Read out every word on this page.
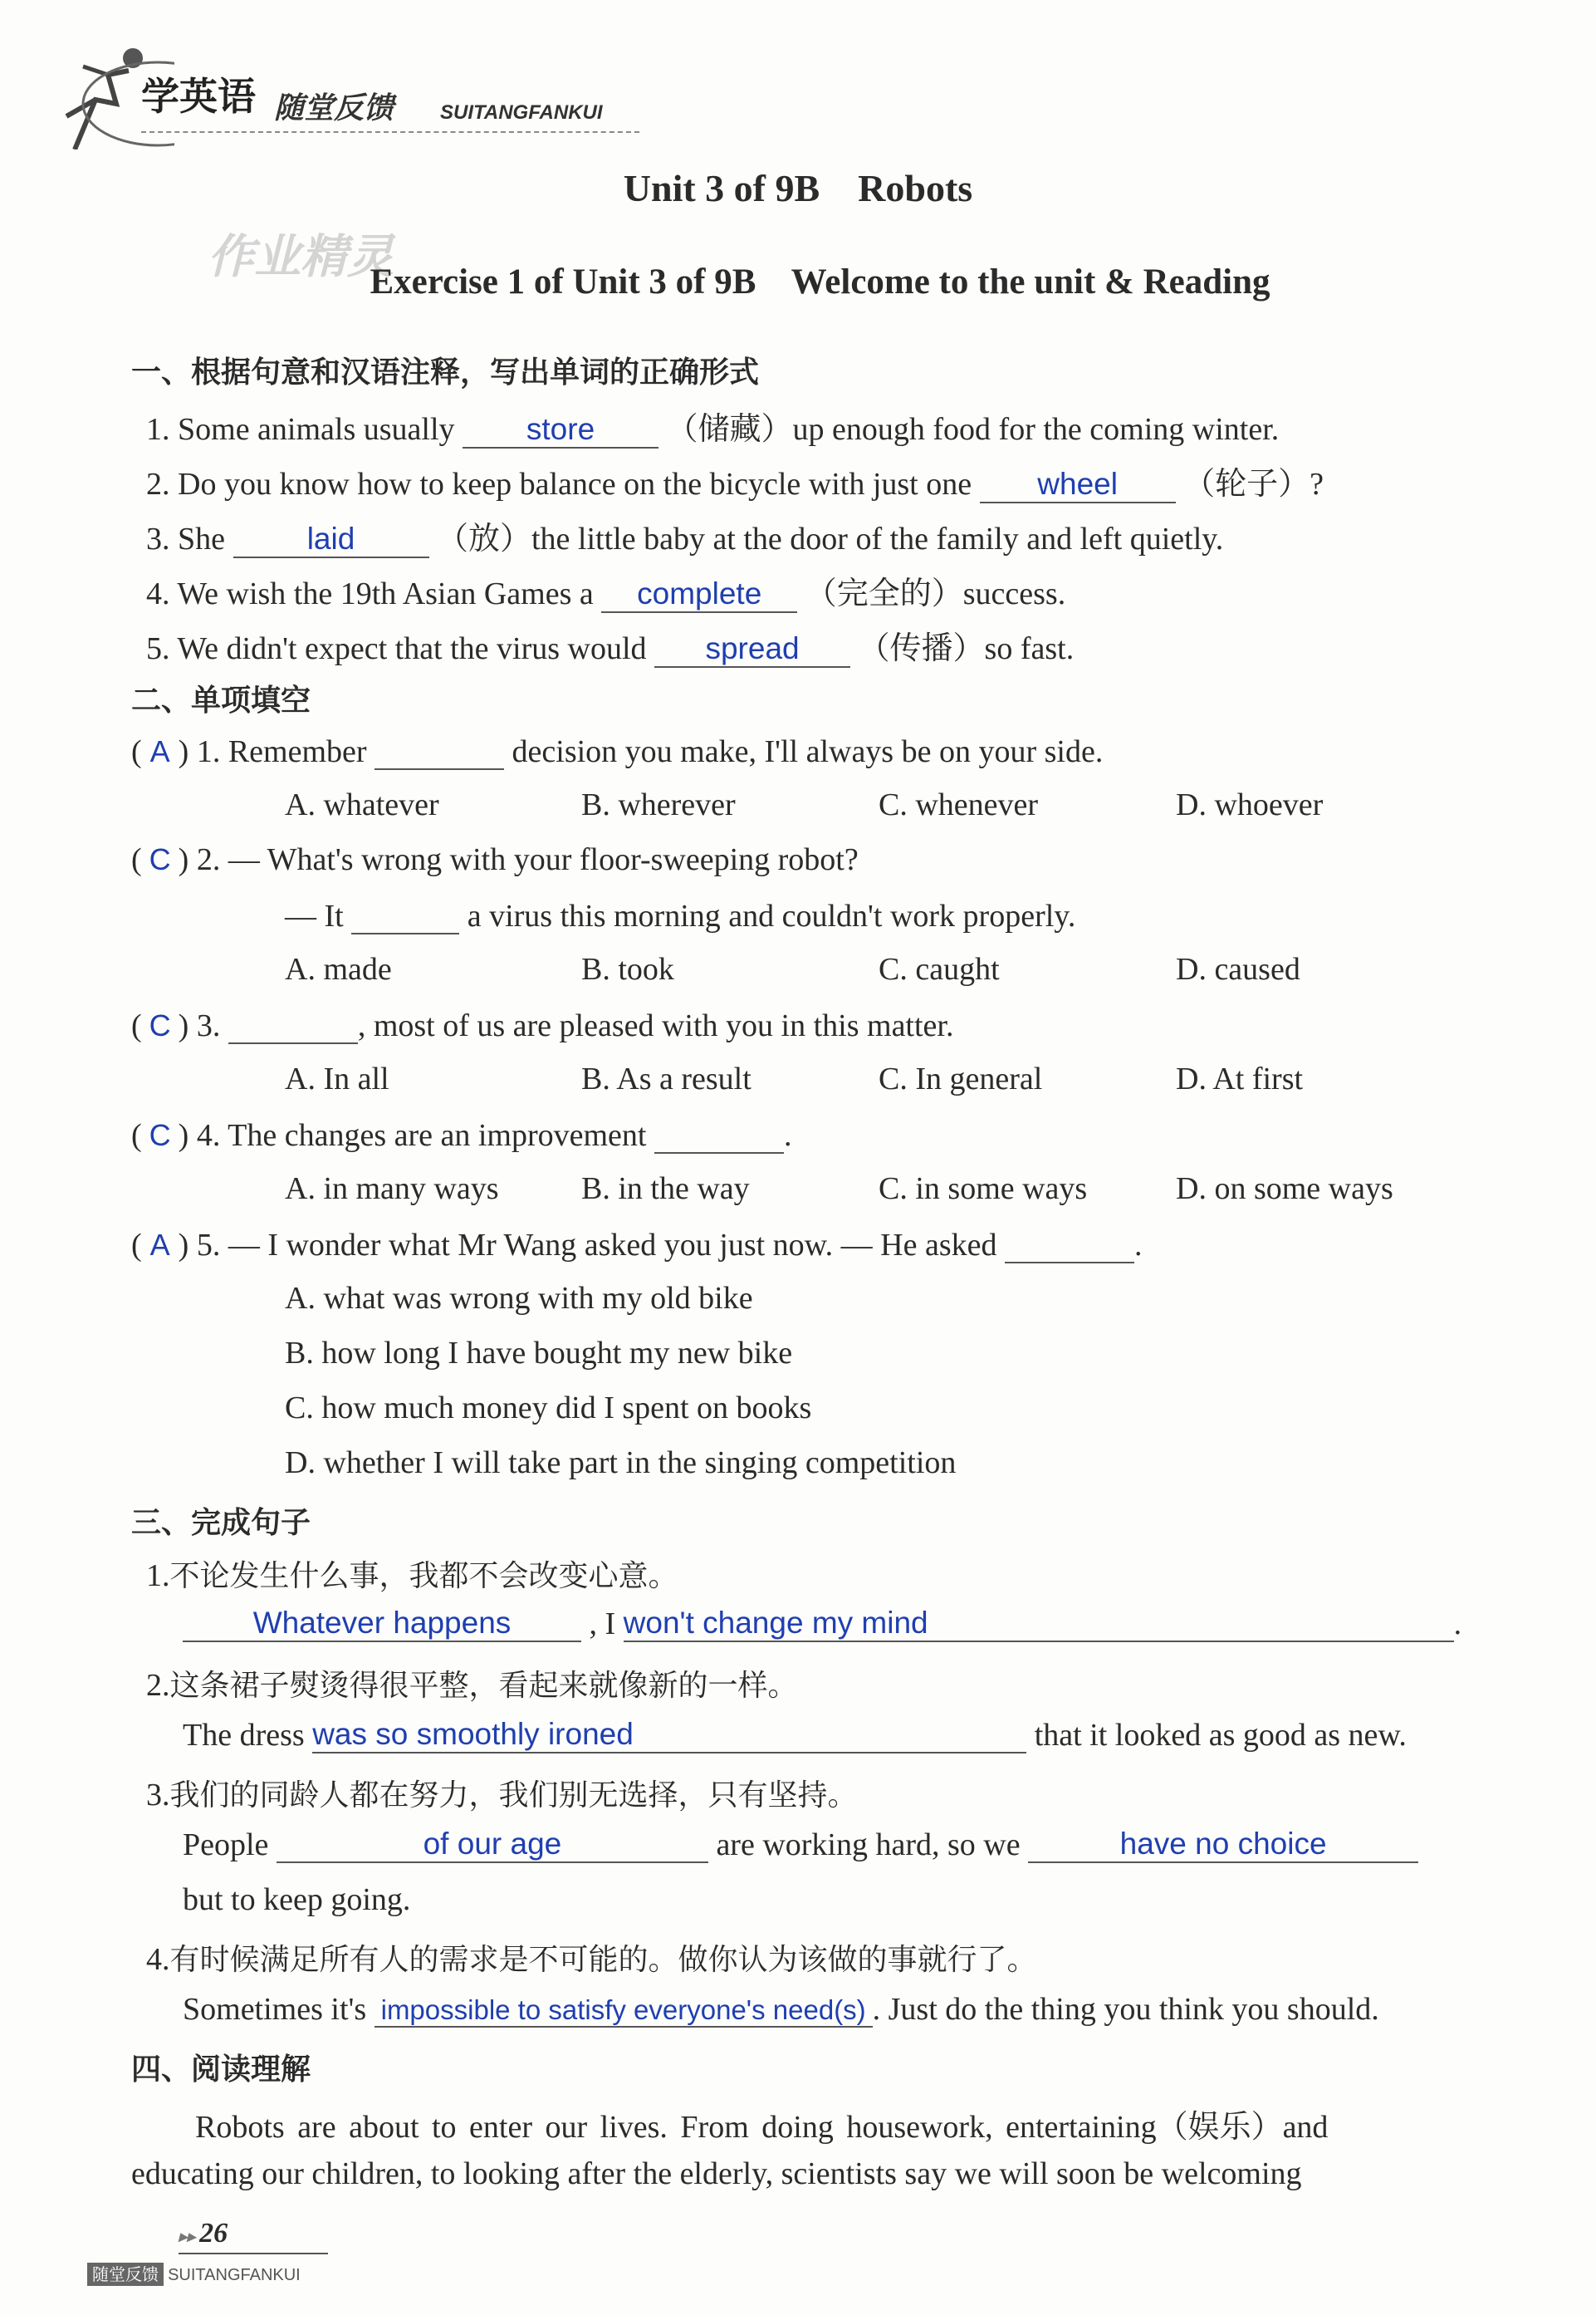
学英语 随堂反馈 SUITANGFANKUI
Unit 3 of 9B    Robots
作业精灵
Exercise 1 of Unit 3 of 9B    Welcome to the unit & Reading
一、根据句意和汉语注释，写出单词的正确形式
1. Some animals usually store （储藏）up enough food for the coming winter.
2. Do you know how to keep balance on the bicycle with just one wheel （轮子）?
3. She	laid	（放）the little baby at the door of the family and left quietly.
4. We wish the 19th Asian Games a complete （完全的）success.
5. We didn't expect that the virus would spread （传播）so fast.
二、单项填空
( A ) 1. Remember	decision you make, I'll always be on your side.
A. whatever	B. wherever	C. whenever	D. whoever
( C ) 2. — What's wrong with your floor-sweeping robot?
— It	a virus this morning and couldn't work properly.
A. made	B. took	C. caught	D. caused
( C ) 3.	, most of us are pleased with you in this matter.
A. In all	B. As a result	C. In general	D. At first
( C ) 4. The changes are an improvement	.
A. in many ways	B. in the way	C. in some ways	D. on some ways
( A ) 5. — I wonder what Mr Wang asked you just now. — He asked	.
A. what was wrong with my old bike
B. how long I have bought my new bike
C. how much money did I spent on books
D. whether I will take part in the singing competition
三、完成句子
1.不论发生什么事，我都不会改变心意。
Whatever happens , I won't change my mind	.
2.这条裙子熨烫得很平整，看起来就像新的一样。
The dress was so smoothly ironed	that it looked as good as new.
3.我们的同龄人都在努力，我们别无选择，只有坚持。
People	of our age	are working hard, so we	have no choice
but to keep going.
4.有时候满足所有人的需求是不可能的。做你认为该做的事就行了。
Sometimes it's impossible to satisfy everyone's need(s) . Just do the thing you think you should.
四、阅读理解
Robots are about to enter our lives. From doing housework, entertaining（娱乐）and
educating our children, to looking after the elderly, scientists say we will soon be welcoming
▸▸ 26
随堂反馈 SUITANGFANKUI
